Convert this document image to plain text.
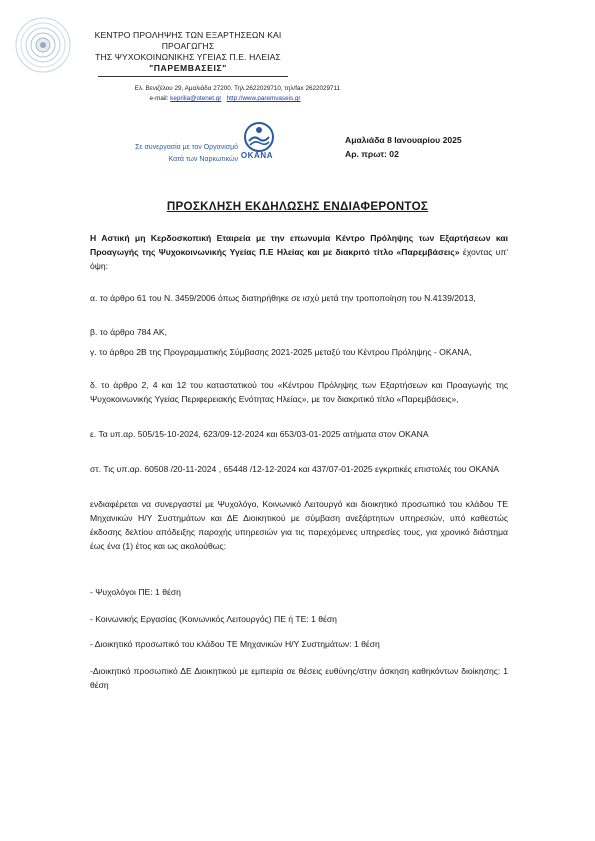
ΚΕΝΤΡΟ ΠΡΟΛΗΨΗΣ ΤΩΝ ΕΞΑΡΤΗΣΕΩΝ ΚΑΙ ΠΡΟΑΓΩΓΗΣ
ΤΗΣ ΨΥΧΟΚΟΙΝΩΝΙΚΗΣ ΥΓΕΙΑΣ Π.Ε. ΗΛΕΙΑΣ
"ΠΑΡΕΜΒΑΣΕΙΣ"
Ελ. Βενιζέλου 29, Αμαλιάδα 27200. Τηλ.2622029710, τηλ/fax 2622029711
e-mail: keprilia@otenet.gr http://www.paremvaseis.gr
Σε συνεργασία με τον Οργανισμό
Κατά των Ναρκωτικών ΟΚΑΝΑ
Αμαλιάδα 8 Ιανουαρίου 2025
Αρ. πρωτ: 02
ΠΡΟΣΚΛΗΣΗ ΕΚΔΗΛΩΣΗΣ ΕΝΔΙΑΦΕΡΟΝΤΟΣ
Η Αστική μη Κερδοσκοπική Εταιρεία με την επωνυμία Κέντρο Πρόληψης των Εξαρτήσεων και Προαγωγής της Ψυχοκοινωνικής Υγείας Π.Ε Ηλείας και με διακριτό τίτλο «Παρεμβάσεις» έχοντας υπ' όψη:
α. το άρθρο 61 του Ν. 3459/2006 όπως διατηρήθηκε σε ισχύ μετά την τροποποίηση του Ν.4139/2013,
β. το άρθρο 784 ΑΚ,
γ. το άρθρο 2Β της Προγραμματικής Σύμβασης 2021-2025 μεταξύ του Κέντρου Πρόληψης - ΟΚΑΝΑ,
δ. το άρθρο 2, 4 και 12 του καταστατικού του «Κέντρου Πρόληψης των Εξαρτήσεων και Προαγωγής της Ψυχοκοινωνικής Υγείας Περιφερειακής Ενότητας Ηλείας», με τον διακριτικό τίτλο «Παρεμβάσεις»,
ε. Τα υπ.αρ. 505/15-10-2024, 623/09-12-2024 και 653/03-01-2025 αιτήματα στον ΟΚΑΝΑ
στ. Τις υπ.αρ. 60508 /20-11-2024 , 65448 /12-12-2024 και 437/07-01-2025 εγκριτικές επιστολές του ΟΚΑΝΑ
ενδιαφέρεται να συνεργαστεί με Ψυχολόγο, Κοινωνικό Λειτουργό και διοικητικό προσωπικό του κλάδου ΤΕ Μηχανικών Η/Υ Συστημάτων και ΔΕ Διοικητικού με σύμβαση ανεξάρτητων υπηρεσιών, υπό καθεστώς έκδοσης δελτίου απόδειξης παροχής υπηρεσιών για τις παρεχόμενες υπηρεσίες τους, για χρονικό διάστημα έως ένα (1) έτος και ως ακολούθως:
- Ψυχολόγοι ΠΕ: 1 θέση
- Κοινωνικής Εργασίας (Κοινωνικός Λειτουργός) ΠΕ ή ΤΕ: 1 θέση
- Διοικητικό προσωπικό του κλάδου ΤΕ Μηχανικών Η/Υ Συστημάτων: 1 θέση
-Διοικητικό προσωπικό ΔΕ Διοικητικού με εμπειρία σε θέσεις ευθύνης/στην άσκηση καθηκόντων διοίκησης: 1 θέση
